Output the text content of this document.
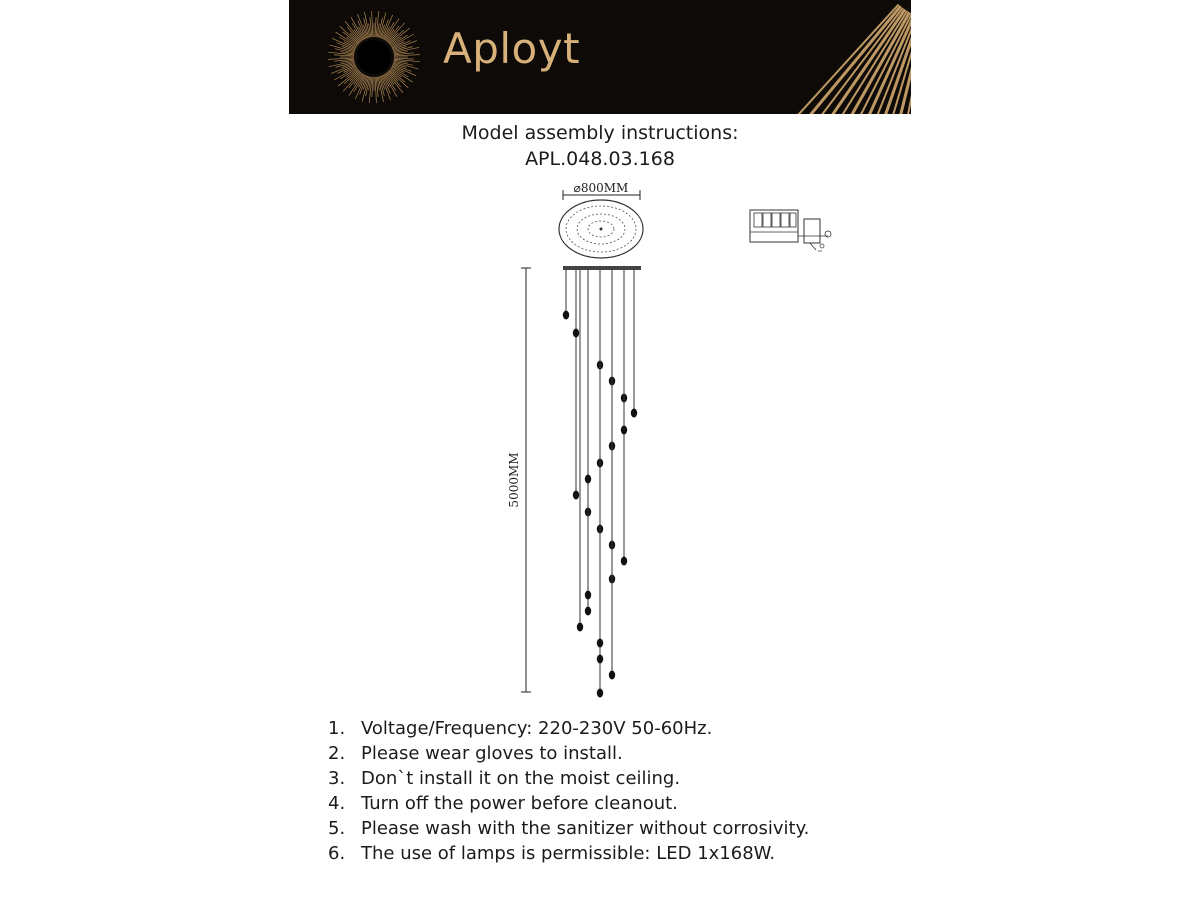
Aployt
Model assembly instructions:
APL.048.03.168
⌀800MM
5000MM
1. Voltage/Frequency: 220-230V 50-60Hz.
2. Please wear gloves to install.
3. Don`t install it on the moist ceiling.
4. Turn off the power before cleanout.
5. Please wash with the sanitizer without corrosivity.
6. The use of lamps is permissible: LED 1x168W.
